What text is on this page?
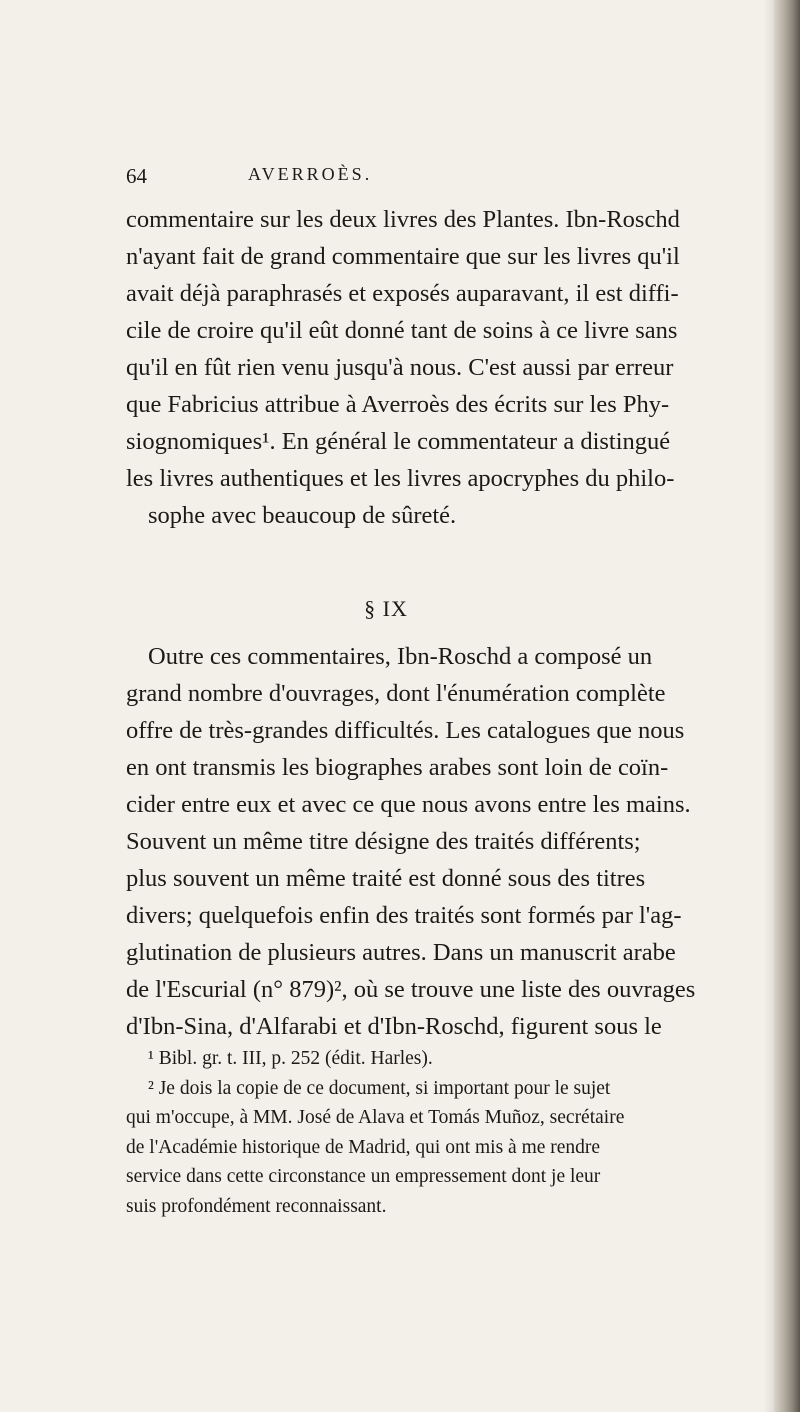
64	AVERROÈS.
commentaire sur les deux livres des Plantes. Ibn-Roschd
n'ayant fait de grand commentaire que sur les livres qu'il
avait déjà paraphrasés et exposés auparavant, il est diffi-
cile de croire qu'il eût donné tant de soins à ce livre sans
qu'il en fût rien venu jusqu'à nous. C'est aussi par erreur
que Fabricius attribue à Averroès des écrits sur les Phy-
siognomiques¹. En général le commentateur a distingué
les livres authentiques et les livres apocryphes du philo-
sophe avec beaucoup de sûreté.
§ IX
Outre ces commentaires, Ibn-Roschd a composé un
grand nombre d'ouvrages, dont l'énumération complète
offre de très-grandes difficultés. Les catalogues que nous
en ont transmis les biographes arabes sont loin de coïn-
cider entre eux et avec ce que nous avons entre les mains.
Souvent un même titre désigne des traités différents;
plus souvent un même traité est donné sous des titres
divers; quelquefois enfin des traités sont formés par l'ag-
glutination de plusieurs autres. Dans un manuscrit arabe
de l'Escurial (n° 879)², où se trouve une liste des ouvrages
d'Ibn-Sina, d'Alfarabi et d'Ibn-Roschd, figurent sous le
¹ Bibl. gr. t. III, p. 252 (édit. Harles).
² Je dois la copie de ce document, si important pour le sujet
qui m'occupe, à MM. José de Alava et Tomás Muñoz, secrétaire
de l'Académie historique de Madrid, qui ont mis à me rendre
service dans cette circonstance un empressement dont je leur
suis profondément reconnaissant.
